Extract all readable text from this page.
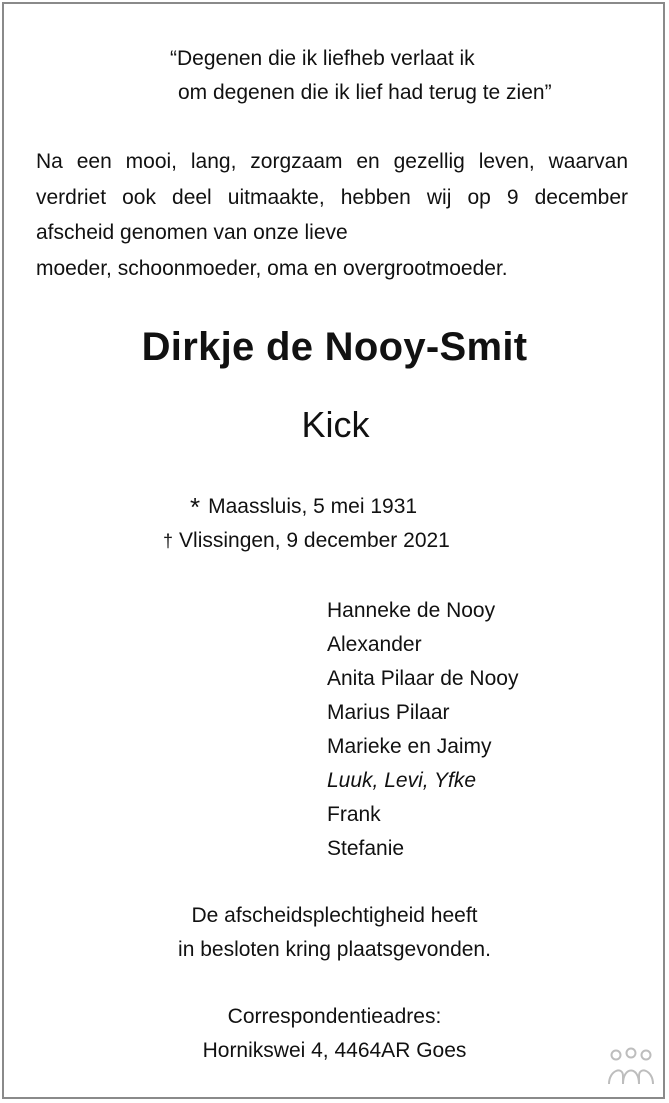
“Degenen die ik liefheb verlaat ik
om degenen die ik lief had terug te zien”
Na een mooi, lang, zorgzaam en gezellig leven, waarvan verdriet ook deel uitmaakte, hebben wij op 9 december afscheid genomen van onze lieve
moeder, schoonmoeder, oma en overgrootmoeder.
Dirkje de Nooy-Smit
Kick
* Maassluis, 5 mei 1931
† Vlissingen, 9 december 2021
Hanneke de Nooy
Alexander
Anita Pilaar de Nooy
Marius Pilaar
Marieke en Jaimy
Luuk, Levi, Yfke
Frank
Stefanie
De afscheidsplechtigheid heeft
in besloten kring plaatsgevonden.
Correspondentieadres:
Hornikswei 4, 4464AR Goes
